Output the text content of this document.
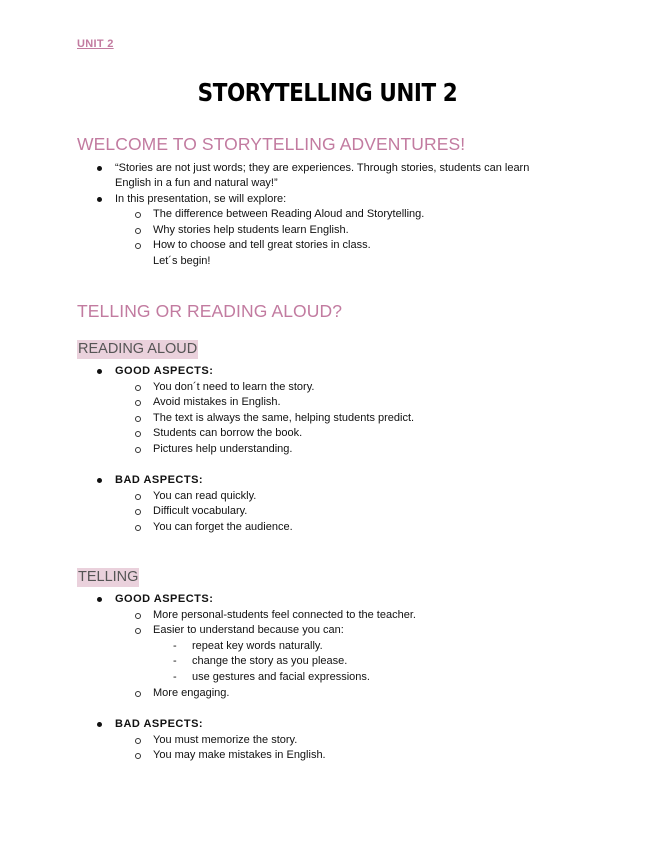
UNIT 2
STORYTELLING UNIT 2
WELCOME TO STORYTELLING ADVENTURES!
“Stories are not just words; they are experiences. Through stories, students can learn
English in a fun and natural way!”
In this presentation, se will explore:
The difference between Reading Aloud and Storytelling.
Why stories help students learn English.
How to choose and tell great stories in class.
Let´s begin!
TELLING OR READING ALOUD?
READING ALOUD
GOOD ASPECTS:
You don´t need to learn the story.
Avoid mistakes in English.
The text is always the same, helping students predict.
Students can borrow the book.
Pictures help understanding.
BAD ASPECTS:
You can read quickly.
Difficult vocabulary.
You can forget the audience.
TELLING
GOOD ASPECTS:
More personal-students feel connected to the teacher.
Easier to understand because you can:
- repeat key words naturally.
- change the story as you please.
- use gestures and facial expressions.
More engaging.
BAD ASPECTS:
You must memorize the story.
You may make mistakes in English.
